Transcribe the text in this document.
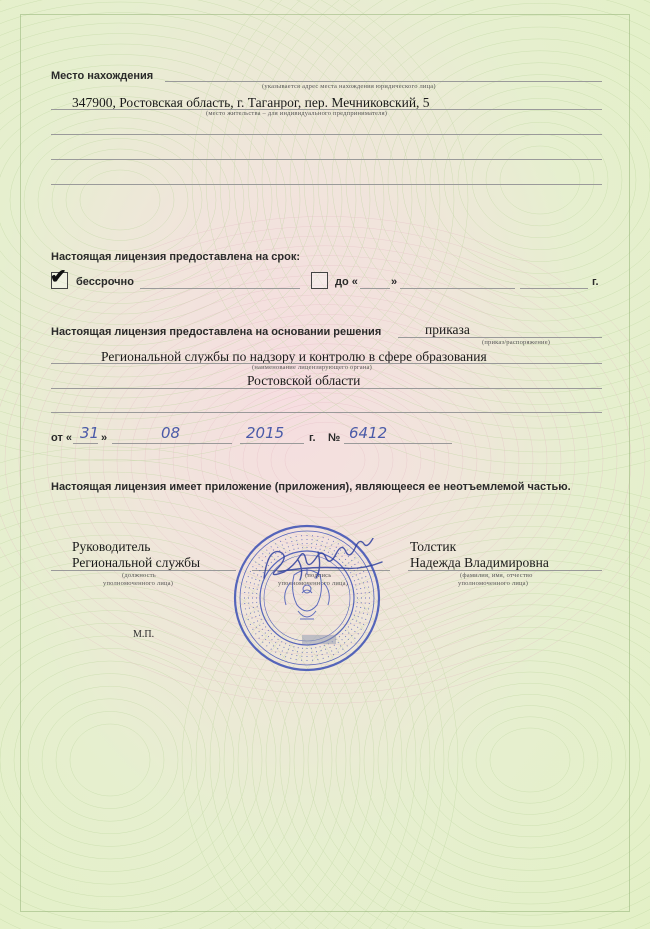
Место нахождения
(указывается адрес места нахождения юридического лица)
347900, Ростовская область, г. Таганрог, пер. Мечниковский, 5
(место жительства – для индивидуального предпринимателя)
Настоящая лицензия предоставлена на срок:
✔ бессрочно	до «	»	г.
Настоящая лицензия предоставлена на основании решения	приказа
(приказ/распоряжение)
Региональной службы по надзору и контролю в сфере образования
(наименование лицензирующего органа)
Ростовской области
от « 31 »	08	2015 г. № 6412
Настоящая лицензия имеет приложение (приложения), являющееся ее неотъемлемой частью.
Руководитель
Региональной службы
(должность
уполномоченного лица)
(подпись
уполномоченного лица)
Толстик
Надежда Владимировна
(фамилия, имя, отчество
уполномоченного лица)
М.П.
